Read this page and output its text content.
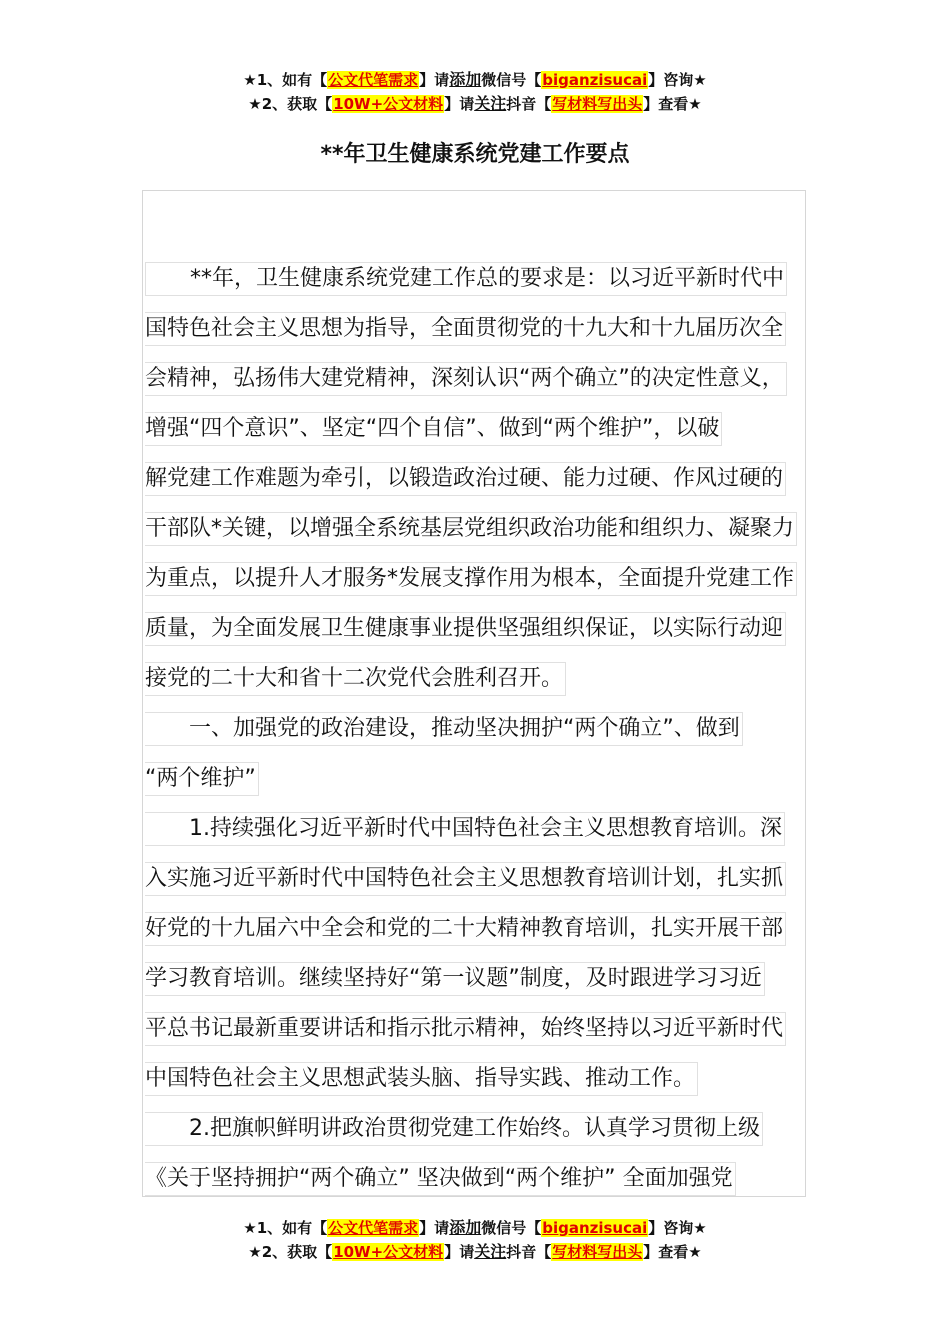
★1、如有【公文代笔需求】请添加微信号【biganzisucai】咨询★
★2、获取【10W+公文材料】请关注抖音【写材料写出头】查看★
**年卫生健康系统党建工作要点
**年，卫生健康系统党建工作总的要求是：以习近平新时代中
国特色社会主义思想为指导，全面贯彻党的十九大和十九届历次全
会精神，弘扬伟大建党精神，深刻认识“两个确立”的决定性意义，
增强“四个意识”、坚定“四个自信”、做到“两个维护”，以破
解党建工作难题为牵引，以锻造政治过硬、能力过硬、作风过硬的
干部队*关键，以增强全系统基层党组织政治功能和组织力、凝聚力
为重点，以提升人才服务*发展支撑作用为根本，全面提升党建工作
质量，为全面发展卫生健康事业提供坚强组织保证，以实际行动迎
接党的二十大和省十二次党代会胜利召开。
一、加强党的政治建设，推动坚决拥护“两个确立”、做到
“两个维护”
1.持续强化习近平新时代中国特色社会主义思想教育培训。深
入实施习近平新时代中国特色社会主义思想教育培训计划，扎实抓
好党的十九届六中全会和党的二十大精神教育培训，扎实开展干部
学习教育培训。继续坚持好“第一议题”制度，及时跟进学习习近
平总书记最新重要讲话和指示批示精神，始终坚持以习近平新时代
中国特色社会主义思想武装头脑、指导实践、推动工作。
2.把旗帜鲜明讲政治贯彻党建工作始终。认真学习贯彻上级
《关于坚持拥护“两个确立” 坚决做到“两个维护” 全面加强党
★1、如有【公文代笔需求】请添加微信号【biganzisucai】咨询★
★2、获取【10W+公文材料】请关注抖音【写材料写出头】查看★
